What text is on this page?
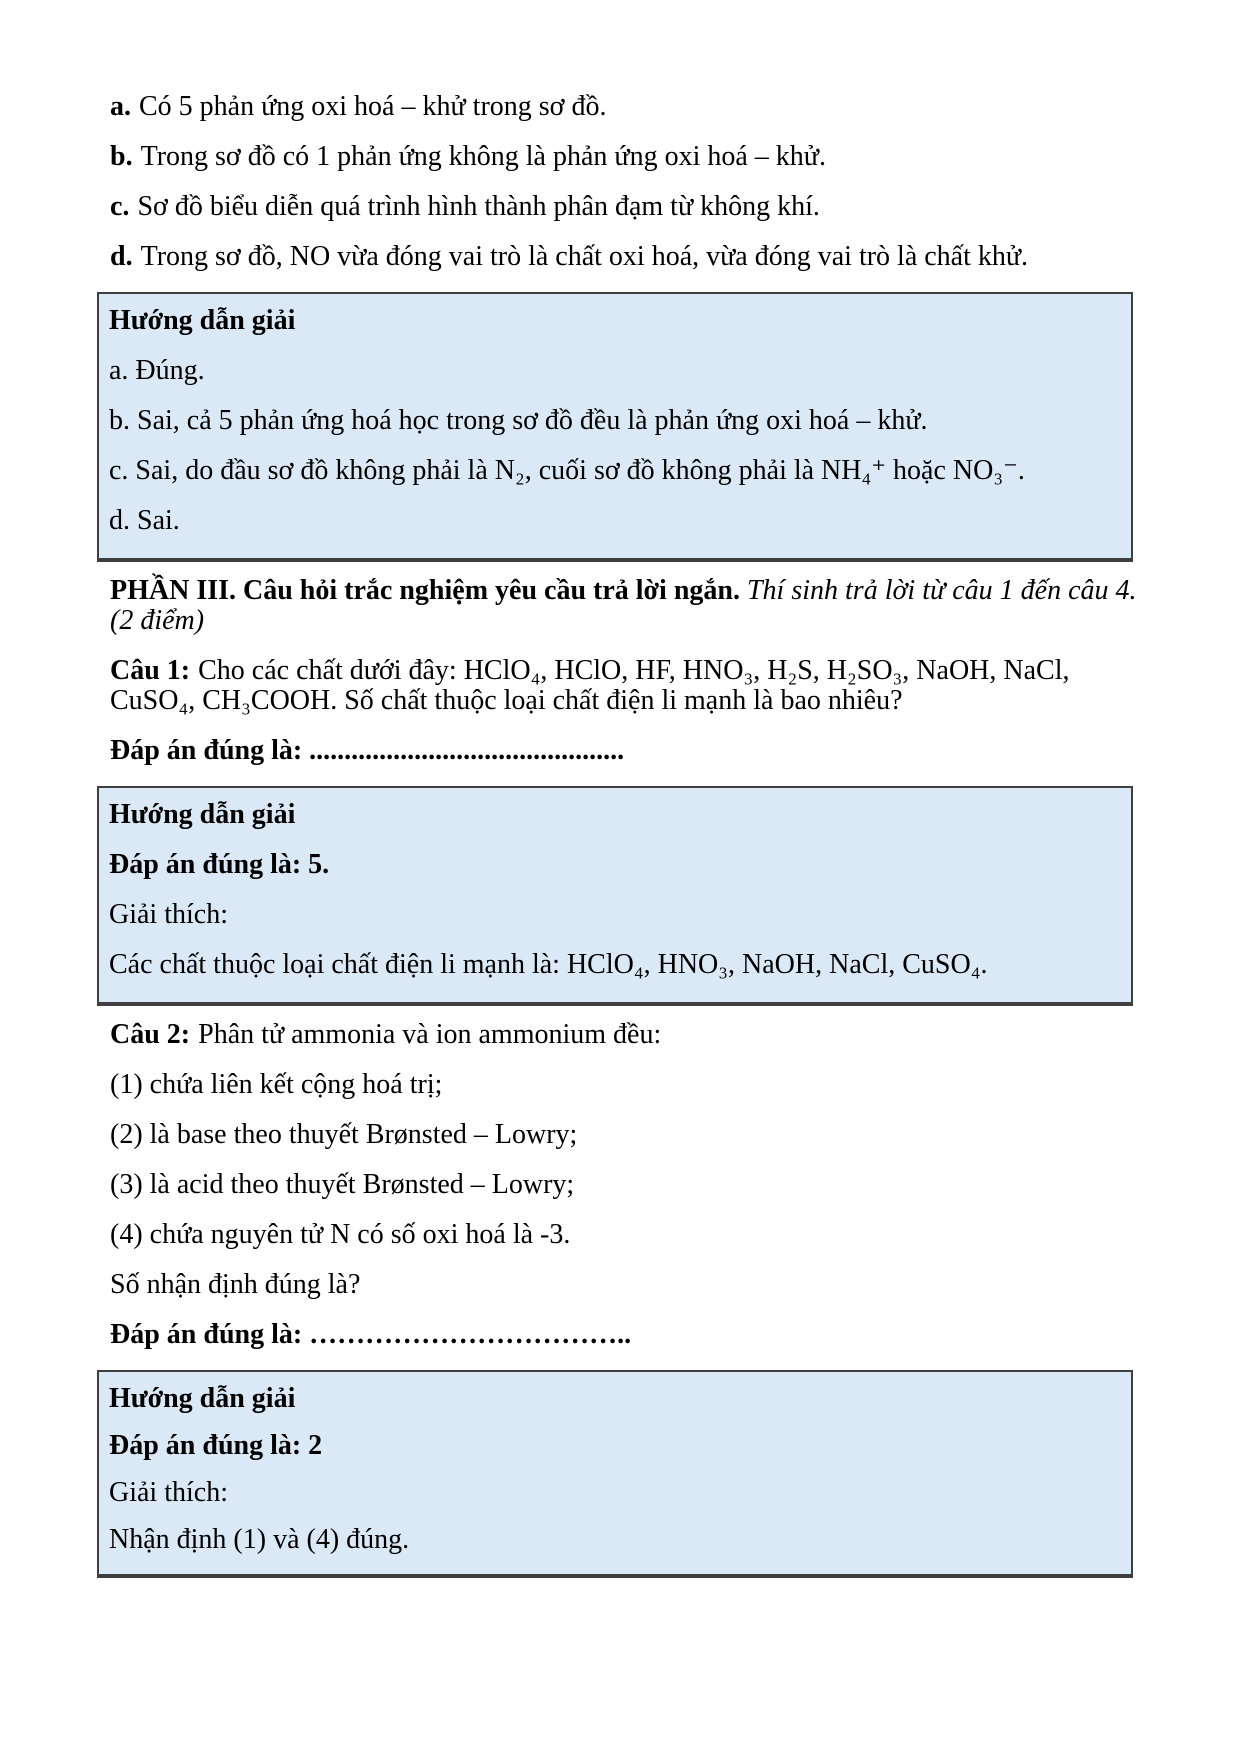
a. Có 5 phản ứng oxi hoá – khử trong sơ đồ.

b. Trong sơ đồ có 1 phản ứng không là phản ứng oxi hoá – khử.

c. Sơ đồ biểu diễn quá trình hình thành phân đạm từ không khí.

d. Trong sơ đồ, NO vừa đóng vai trò là chất oxi hoá, vừa đóng vai trò là chất khử.

Hướng dẫn giải

a. Đúng.

b. Sai, cả 5 phản ứng hoá học trong sơ đồ đều là phản ứng oxi hoá – khử.

c. Sai, do đầu sơ đồ không phải là N₂, cuối sơ đồ không phải là NH₄⁺ hoặc NO₃⁻.

d. Sai.

PHẦN III. Câu hỏi trắc nghiệm yêu cầu trả lời ngắn. Thí sinh trả lời từ câu 1 đến câu 4. (2 điểm)

Câu 1: Cho các chất dưới đây: HClO₄, HClO, HF, HNO₃, H₂S, H₂SO₃, NaOH, NaCl, CuSO₄, CH₃COOH. Số chất thuộc loại chất điện li mạnh là bao nhiêu?

Đáp án đúng là: .............................................

Hướng dẫn giải

Đáp án đúng là: 5.

Giải thích:

Các chất thuộc loại chất điện li mạnh là: HClO₄, HNO₃, NaOH, NaCl, CuSO₄.

Câu 2: Phân tử ammonia và ion ammonium đều:

(1) chứa liên kết cộng hoá trị;

(2) là base theo thuyết Brønsted – Lowry;

(3) là acid theo thuyết Brønsted – Lowry;

(4) chứa nguyên tử N có số oxi hoá là -3.

Số nhận định đúng là?

Đáp án đúng là: ……………………………..

Hướng dẫn giải

Đáp án đúng là: 2

Giải thích:

Nhận định (1) và (4) đúng.
